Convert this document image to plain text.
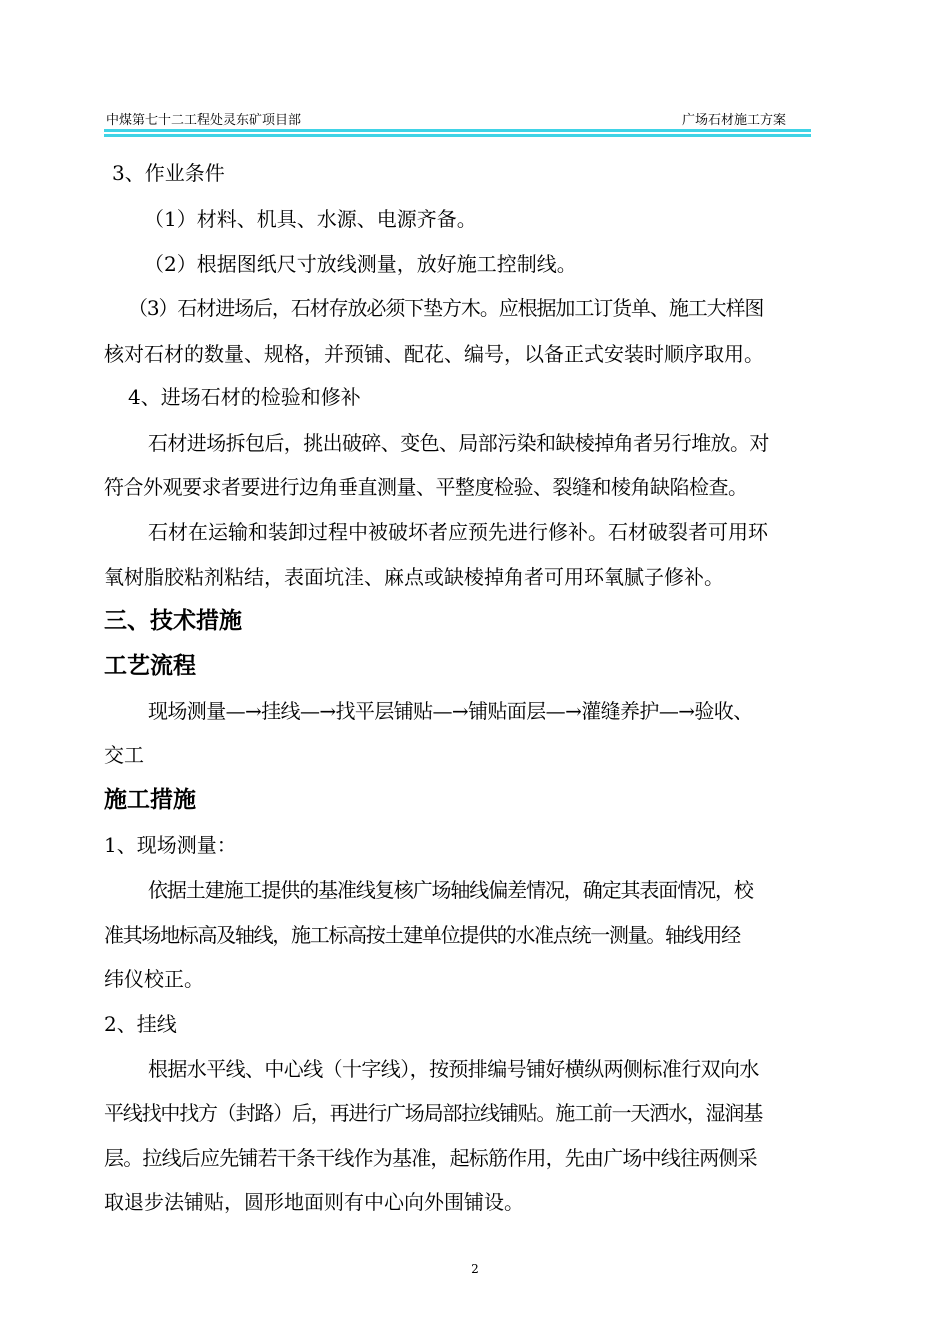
中煤第七十二工程处灵东矿项目部	广场石材施工方案
3、作业条件
（1）材料、机具、水源、电源齐备。
（2）根据图纸尺寸放线测量，放好施工控制线。
（3）石材进场后，石材存放必须下垫方木。应根据加工订货单、施工大样图
核对石材的数量、规格，并预铺、配花、编号，以备正式安装时顺序取用。
4、进场石材的检验和修补
石材进场拆包后，挑出破碎、变色、局部污染和缺棱掉角者另行堆放。对
符合外观要求者要进行边角垂直测量、平整度检验、裂缝和棱角缺陷检查。
石材在运输和装卸过程中被破坏者应预先进行修补。石材破裂者可用环
氧树脂胶粘剂粘结，表面坑洼、麻点或缺棱掉角者可用环氧腻子修补。
三、技术措施
工艺流程
现场测量—→挂线—→找平层铺贴—→铺贴面层—→灌缝养护—→验收、
交工
施工措施
1、现场测量：
依据土建施工提供的基准线复核广场轴线偏差情况，确定其表面情况，校
准其场地标高及轴线，施工标高按土建单位提供的水准点统一测量。轴线用经
纬仪校正。
2、挂线
根据水平线、中心线（十字线），按预排编号铺好横纵两侧标准行双向水
平线找中找方（封路）后，再进行广场局部拉线铺贴。施工前一天洒水，湿润基
层。拉线后应先铺若干条干线作为基准，起标筋作用，先由广场中线往两侧采
取退步法铺贴，圆形地面则有中心向外围铺设。
2
